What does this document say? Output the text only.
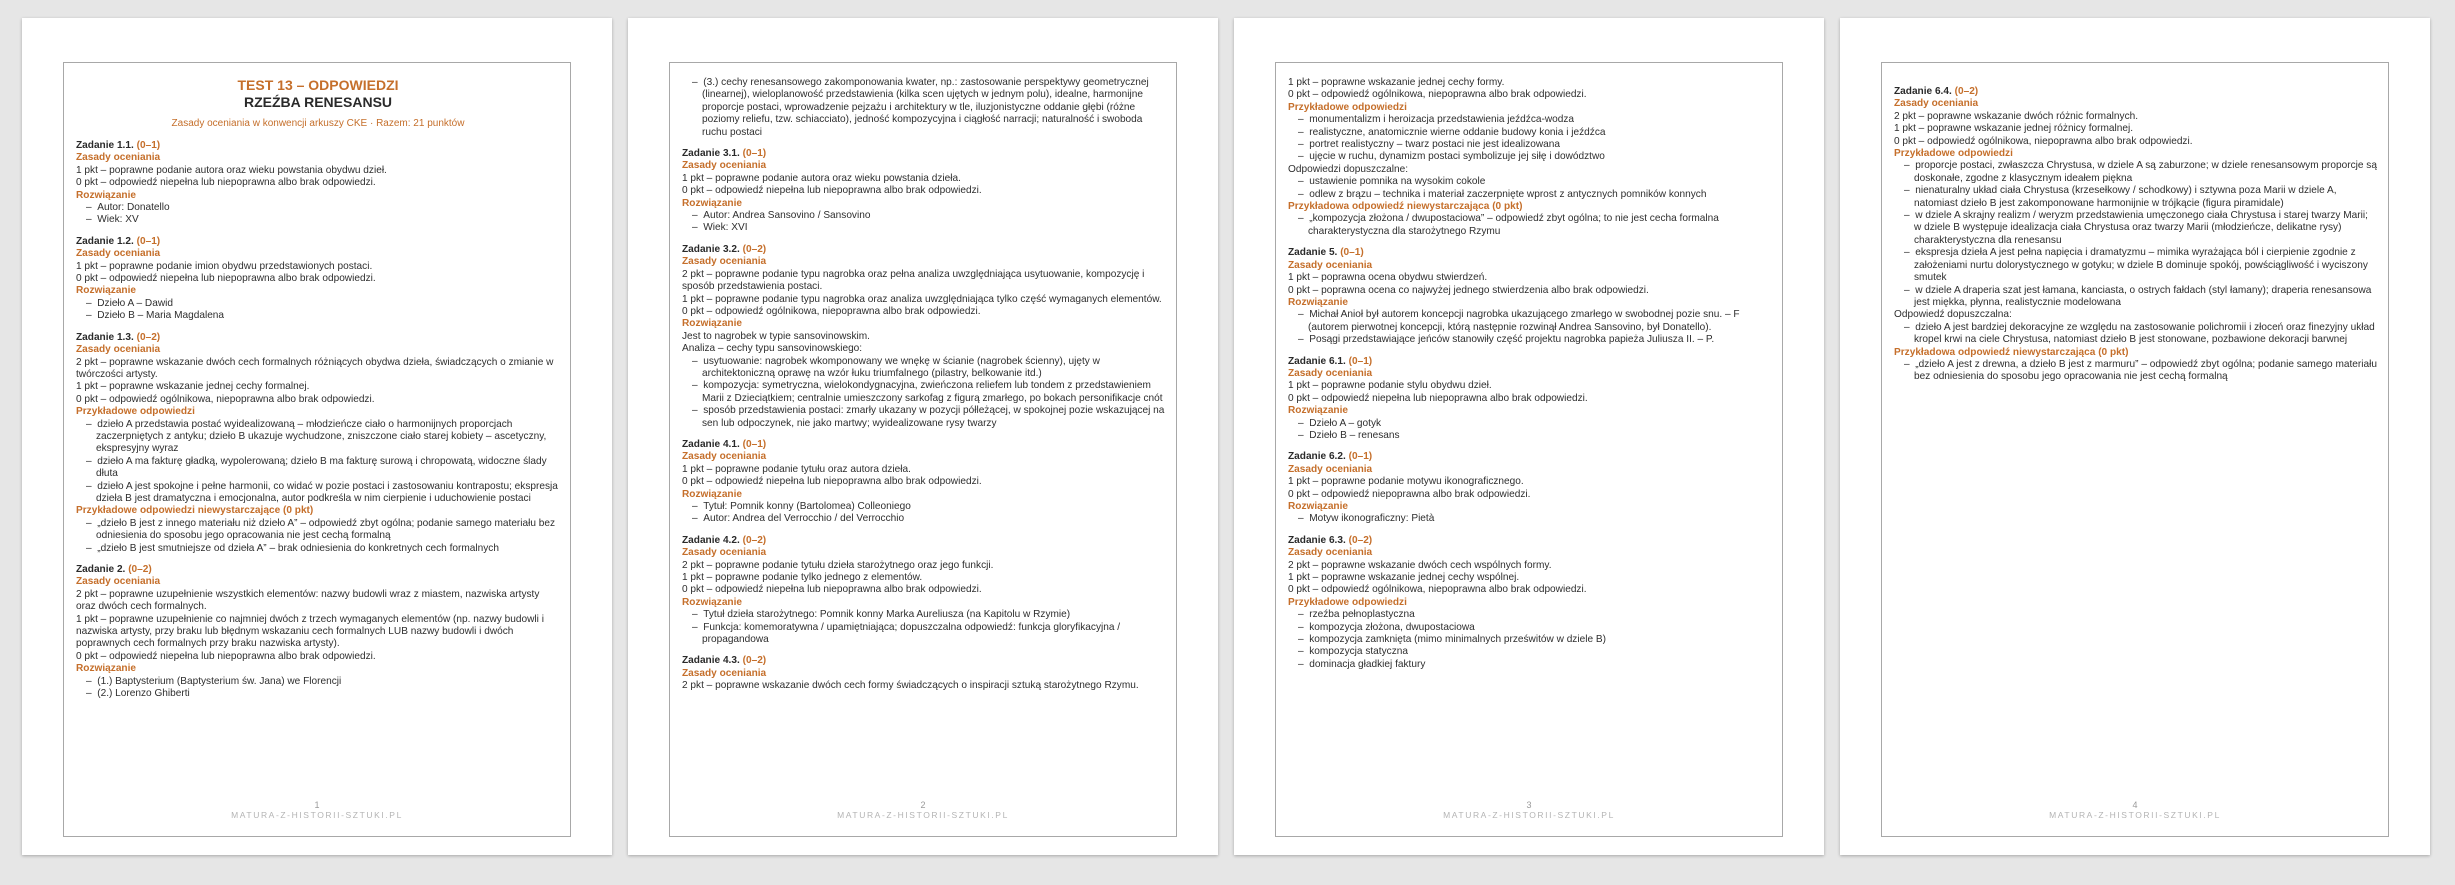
TEST 13 – ODPOWIEDZI
RZEŹBA RENESANSU
Zasady oceniania w konwencji arkuszy CKE · Razem: 21 punktów
Zadanie 1.1. (0–1)
Zasady oceniania
1 pkt – poprawne podanie autora oraz wieku powstania obydwu dzieł.
0 pkt – odpowiedź niepełna lub niepoprawna albo brak odpowiedzi.
Rozwiązanie
–  Autor: Donatello
–  Wiek: XV
Zadanie 1.2. (0–1)
Zasady oceniania
1 pkt – poprawne podanie imion obydwu przedstawionych postaci.
0 pkt – odpowiedź niepełna lub niepoprawna albo brak odpowiedzi.
Rozwiązanie
–  Dzieło A – Dawid
–  Dzieło B – Maria Magdalena
Zadanie 1.3. (0–2)
Zasady oceniania
2 pkt – poprawne wskazanie dwóch cech formalnych różniących obydwa dzieła, świadczących o zmianie w twórczości artysty.
1 pkt – poprawne wskazanie jednej cechy formalnej.
0 pkt – odpowiedź ogólnikowa, niepoprawna albo brak odpowiedzi.
Przykładowe odpowiedzi
–  dzieło A przedstawia postać wyidealizowaną – młodzieńcze ciało o harmonijnych proporcjach zaczerpniętych z antyku; dzieło B ukazuje wychudzone, zniszczone ciało starej kobiety – ascetyczny, ekspresyjny wyraz
–  dzieło A ma fakturę gładką, wypolerowaną; dzieło B ma fakturę surową i chropowatą, widoczne ślady dłuta
–  dzieło A jest spokojne i pełne harmonii, co widać w pozie postaci i zastosowaniu kontrapostu; ekspresja dzieła B jest dramatyczna i emocjonalna, autor podkreśla w nim cierpienie i uduchowienie postaci
Przykładowe odpowiedzi niewystarczające (0 pkt)
–  „dzieło B jest z innego materiału niż dzieło A” – odpowiedź zbyt ogólna; podanie samego materiału bez odniesienia do sposobu jego opracowania nie jest cechą formalną
–  „dzieło B jest smutniejsze od dzieła A” – brak odniesienia do konkretnych cech formalnych
Zadanie 2. (0–2)
Zasady oceniania
2 pkt – poprawne uzupełnienie wszystkich elementów: nazwy budowli wraz z miastem, nazwiska artysty oraz dwóch cech formalnych.
1 pkt – poprawne uzupełnienie co najmniej dwóch z trzech wymaganych elementów (np. nazwy budowli i nazwiska artysty, przy braku lub błędnym wskazaniu cech formalnych LUB nazwy budowli i dwóch poprawnych cech formalnych przy braku nazwiska artysty).
0 pkt – odpowiedź niepełna lub niepoprawna albo brak odpowiedzi.
Rozwiązanie
–  (1.) Baptysterium (Baptysterium św. Jana) we Florencji
–  (2.) Lorenzo Ghiberti
1
MATURA-Z-HISTORII-SZTUKI.PL
–  (3.) cechy renesansowego zakomponowania kwater, np.: zastosowanie perspektywy geometrycznej (linearnej), wieloplanowość przedstawienia (kilka scen ujętych w jednym polu), idealne, harmonijne proporcje postaci, wprowadzenie pejzażu i architektury w tle, iluzjonistyczne oddanie głębi (różne poziomy reliefu, tzw. schiacciato), jedność kompozycyjna i ciągłość narracji; naturalność i swoboda ruchu postaci
Zadanie 3.1. (0–1)
Zasady oceniania
1 pkt – poprawne podanie autora oraz wieku powstania dzieła.
0 pkt – odpowiedź niepełna lub niepoprawna albo brak odpowiedzi.
Rozwiązanie
–  Autor: Andrea Sansovino / Sansovino
–  Wiek: XVI
Zadanie 3.2. (0–2)
Zasady oceniania
2 pkt – poprawne podanie typu nagrobka oraz pełna analiza uwzględniająca usytuowanie, kompozycję i sposób przedstawienia postaci.
1 pkt – poprawne podanie typu nagrobka oraz analiza uwzględniająca tylko część wymaganych elementów.
0 pkt – odpowiedź ogólnikowa, niepoprawna albo brak odpowiedzi.
Rozwiązanie
Jest to nagrobek w typie sansovinowskim.
Analiza – cechy typu sansovinowskiego:
–  usytuowanie: nagrobek wkomponowany we wnękę w ścianie (nagrobek ścienny), ujęty w architektoniczną oprawę na wzór łuku triumfalnego (pilastry, belkowanie itd.)
–  kompozycja: symetryczna, wielokondygnacyjna, zwieńczona reliefem lub tondem z przedstawieniem Marii z Dzieciątkiem; centralnie umieszczony sarkofag z figurą zmarłego, po bokach personifikacje cnót
–  sposób przedstawienia postaci: zmarły ukazany w pozycji półleżącej, w spokojnej pozie wskazującej na sen lub odpoczynek, nie jako martwy; wyidealizowane rysy twarzy
Zadanie 4.1. (0–1)
Zasady oceniania
1 pkt – poprawne podanie tytułu oraz autora dzieła.
0 pkt – odpowiedź niepełna lub niepoprawna albo brak odpowiedzi.
Rozwiązanie
–  Tytuł: Pomnik konny (Bartolomea) Colleoniego
–  Autor: Andrea del Verrocchio / del Verrocchio
Zadanie 4.2. (0–2)
Zasady oceniania
2 pkt – poprawne podanie tytułu dzieła starożytnego oraz jego funkcji.
1 pkt – poprawne podanie tylko jednego z elementów.
0 pkt – odpowiedź niepełna lub niepoprawna albo brak odpowiedzi.
Rozwiązanie
–  Tytuł dzieła starożytnego: Pomnik konny Marka Aureliusza (na Kapitolu w Rzymie)
–  Funkcja: komemoratywna / upamiętniająca; dopuszczalna odpowiedź: funkcja gloryfikacyjna / propagandowa
Zadanie 4.3. (0–2)
Zasady oceniania
2 pkt – poprawne wskazanie dwóch cech formy świadczących o inspiracji sztuką starożytnego Rzymu.
2
MATURA-Z-HISTORII-SZTUKI.PL
1 pkt – poprawne wskazanie jednej cechy formy.
0 pkt – odpowiedź ogólnikowa, niepoprawna albo brak odpowiedzi.
Przykładowe odpowiedzi
–  monumentalizm i heroizacja przedstawienia jeźdźca-wodza
–  realistyczne, anatomicznie wierne oddanie budowy konia i jeźdźca
–  portret realistyczny – twarz postaci nie jest idealizowana
–  ujęcie w ruchu, dynamizm postaci symbolizuje jej siłę i dowództwo
Odpowiedzi dopuszczalne:
–  ustawienie pomnika na wysokim cokole
–  odlew z brązu – technika i materiał zaczerpnięte wprost z antycznych pomników konnych
Przykładowa odpowiedź niewystarczająca (0 pkt)
–  „kompozycja złożona / dwupostaciowa” – odpowiedź zbyt ogólna; to nie jest cecha formalna charakterystyczna dla starożytnego Rzymu
Zadanie 5. (0–1)
Zasady oceniania
1 pkt – poprawna ocena obydwu stwierdzeń.
0 pkt – poprawna ocena co najwyżej jednego stwierdzenia albo brak odpowiedzi.
Rozwiązanie
–  Michał Anioł był autorem koncepcji nagrobka ukazującego zmarłego w swobodnej pozie snu. – F (autorem pierwotnej koncepcji, którą następnie rozwinął Andrea Sansovino, był Donatello).
–  Posągi przedstawiające jeńców stanowiły część projektu nagrobka papieża Juliusza II. – P.
Zadanie 6.1. (0–1)
Zasady oceniania
1 pkt – poprawne podanie stylu obydwu dzieł.
0 pkt – odpowiedź niepełna lub niepoprawna albo brak odpowiedzi.
Rozwiązanie
–  Dzieło A – gotyk
–  Dzieło B – renesans
Zadanie 6.2. (0–1)
Zasady oceniania
1 pkt – poprawne podanie motywu ikonograficznego.
0 pkt – odpowiedź niepoprawna albo brak odpowiedzi.
Rozwiązanie
–  Motyw ikonograficzny: Pietà
Zadanie 6.3. (0–2)
Zasady oceniania
2 pkt – poprawne wskazanie dwóch cech wspólnych formy.
1 pkt – poprawne wskazanie jednej cechy wspólnej.
0 pkt – odpowiedź ogólnikowa, niepoprawna albo brak odpowiedzi.
Przykładowe odpowiedzi
–  rzeźba pełnoplastyczna
–  kompozycja złożona, dwupostaciowa
–  kompozycja zamknięta (mimo minimalnych prześwitów w dziele B)
–  kompozycja statyczna
–  dominacja gładkiej faktury
3
MATURA-Z-HISTORII-SZTUKI.PL
Zadanie 6.4. (0–2)
Zasady oceniania
2 pkt – poprawne wskazanie dwóch różnic formalnych.
1 pkt – poprawne wskazanie jednej różnicy formalnej.
0 pkt – odpowiedź ogólnikowa, niepoprawna albo brak odpowiedzi.
Przykładowe odpowiedzi
–  proporcje postaci, zwłaszcza Chrystusa, w dziele A są zaburzone; w dziele renesansowym proporcje są doskonałe, zgodne z klasycznym ideałem piękna
–  nienaturalny układ ciała Chrystusa (krzesełkowy / schodkowy) i sztywna poza Marii w dziele A, natomiast dzieło B jest zakomponowane harmonijnie w trójkącie (figura piramidale)
–  w dziele A skrajny realizm / weryzm przedstawienia umęczonego ciała Chrystusa i starej twarzy Marii; w dziele B występuje idealizacja ciała Chrystusa oraz twarzy Marii (młodzieńcze, delikatne rysy) charakterystyczna dla renesansu
–  ekspresja dzieła A jest pełna napięcia i dramatyzmu – mimika wyrażająca ból i cierpienie zgodnie z założeniami nurtu dolorystycznego w gotyku; w dziele B dominuje spokój, powściągliwość i wyciszony smutek
–  w dziele A draperia szat jest łamana, kanciasta, o ostrych fałdach (styl łamany); draperia renesansowa jest miękka, płynna, realistycznie modelowana
Odpowiedź dopuszczalna:
–  dzieło A jest bardziej dekoracyjne ze względu na zastosowanie polichromii i złoceń oraz finezyjny układ kropel krwi na ciele Chrystusa, natomiast dzieło B jest stonowane, pozbawione dekoracji barwnej
Przykładowa odpowiedź niewystarczająca (0 pkt)
–  „dzieło A jest z drewna, a dzieło B jest z marmuru” – odpowiedź zbyt ogólna; podanie samego materiału bez odniesienia do sposobu jego opracowania nie jest cechą formalną
4
MATURA-Z-HISTORII-SZTUKI.PL
